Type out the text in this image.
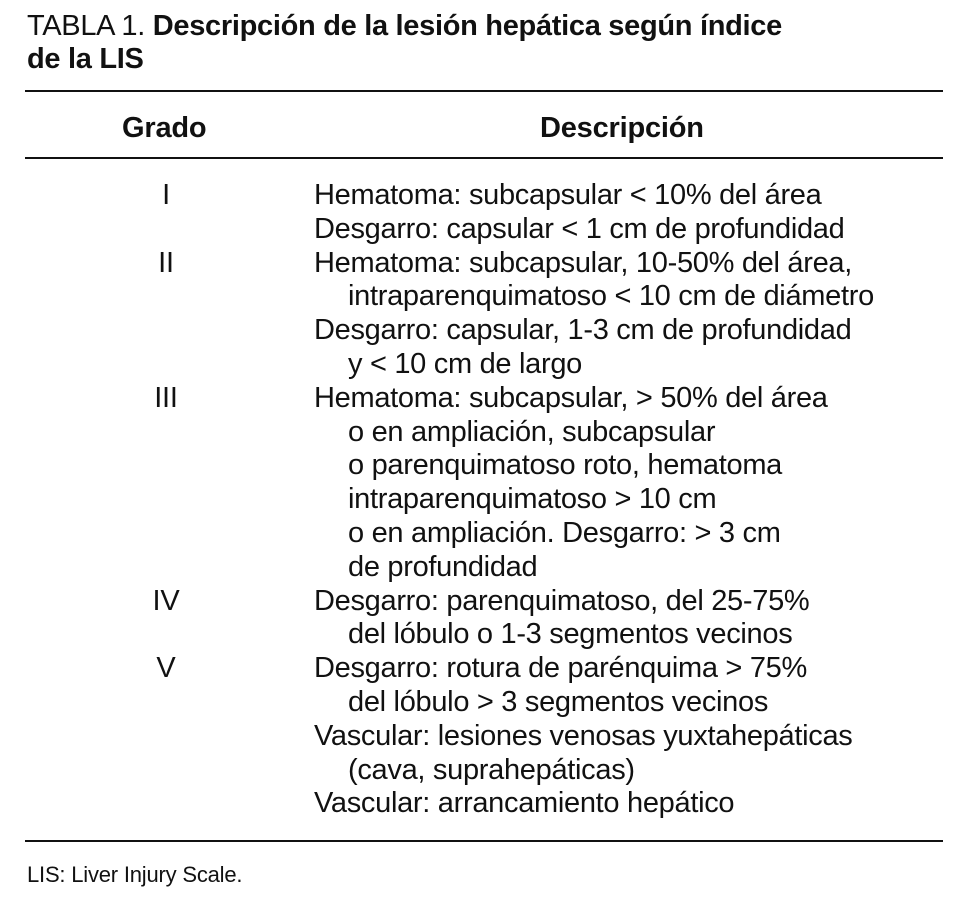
TABLA 1. Descripción de la lesión hepática según índice
de la LIS
Grado	Descripción
I	Hematoma: subcapsular < 10% del área
Desgarro: capsular < 1 cm de profundidad
II	Hematoma: subcapsular, 10-50% del área,
intraparenquimatoso < 10 cm de diámetro
Desgarro: capsular, 1-3 cm de profundidad
y < 10 cm de largo
III	Hematoma: subcapsular, > 50% del área
o en ampliación, subcapsular
o parenquimatoso roto, hematoma
intraparenquimatoso > 10 cm
o en ampliación. Desgarro: > 3 cm
de profundidad
IV	Desgarro: parenquimatoso, del 25-75%
del lóbulo o 1-3 segmentos vecinos
V	Desgarro: rotura de parénquima > 75%
del lóbulo > 3 segmentos vecinos
Vascular: lesiones venosas yuxtahepáticas
(cava, suprahepáticas)
Vascular: arrancamiento hepático
LIS: Liver Injury Scale.
